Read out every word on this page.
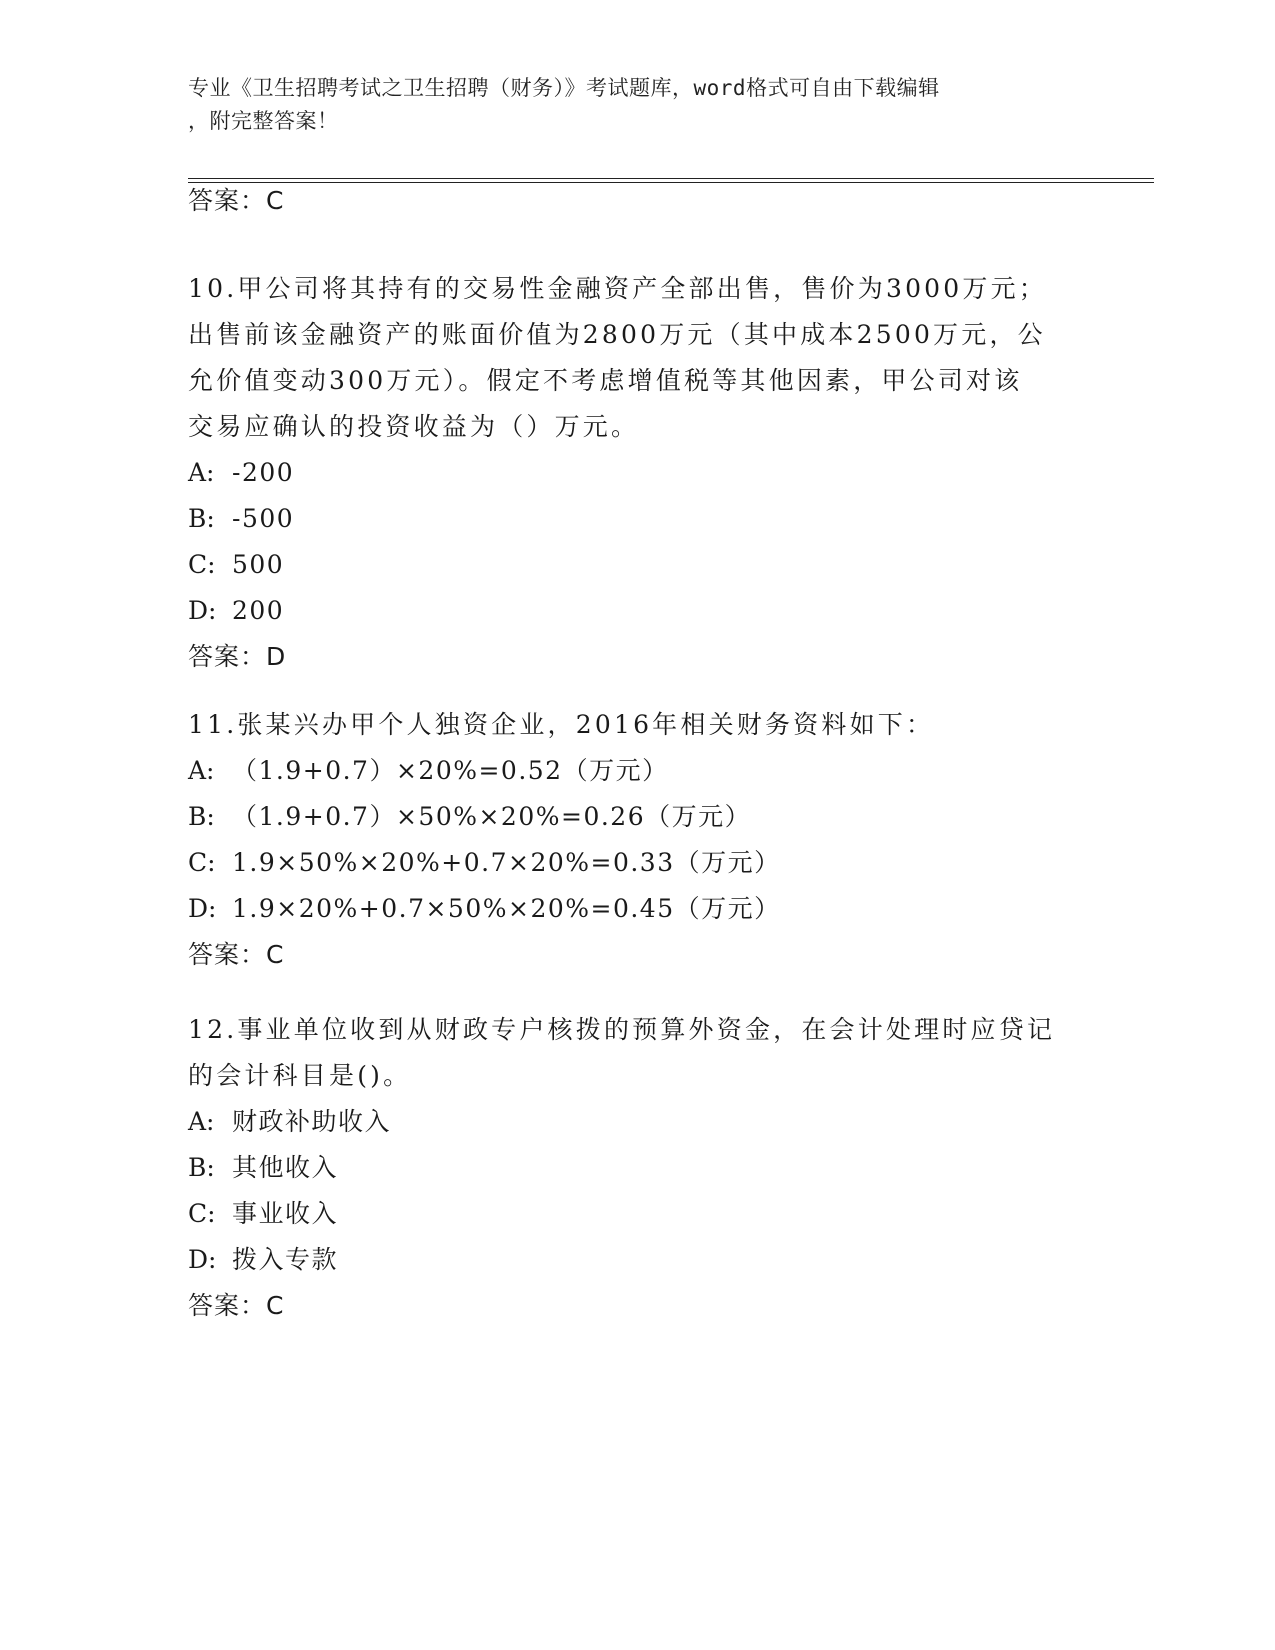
专业《卫生招聘考试之卫生招聘（财务）》考试题库，word格式可自由下载编辑
，附完整答案！
答案：C
10.甲公司将其持有的交易性金融资产全部出售，售价为3000万元；
出售前该金融资产的账面价值为2800万元（其中成本2500万元，公
允价值变动300万元）。假定不考虑增值税等其他因素，甲公司对该
交易应确认的投资收益为（）万元。
A: -200
B: -500
C: 500
D: 200
答案：D
11.张某兴办甲个人独资企业，2016年相关财务资料如下：
A: （1.9+0.7）×20%=0.52（万元）
B: （1.9+0.7）×50%×20%=0.26（万元）
C: 1.9×50%×20%+0.7×20%=0.33（万元）
D: 1.9×20%+0.7×50%×20%=0.45（万元）
答案：C
12.事业单位收到从财政专户核拨的预算外资金，在会计处理时应贷记
的会计科目是()。
A: 财政补助收入
B: 其他收入
C: 事业收入
D: 拨入专款
答案：C
